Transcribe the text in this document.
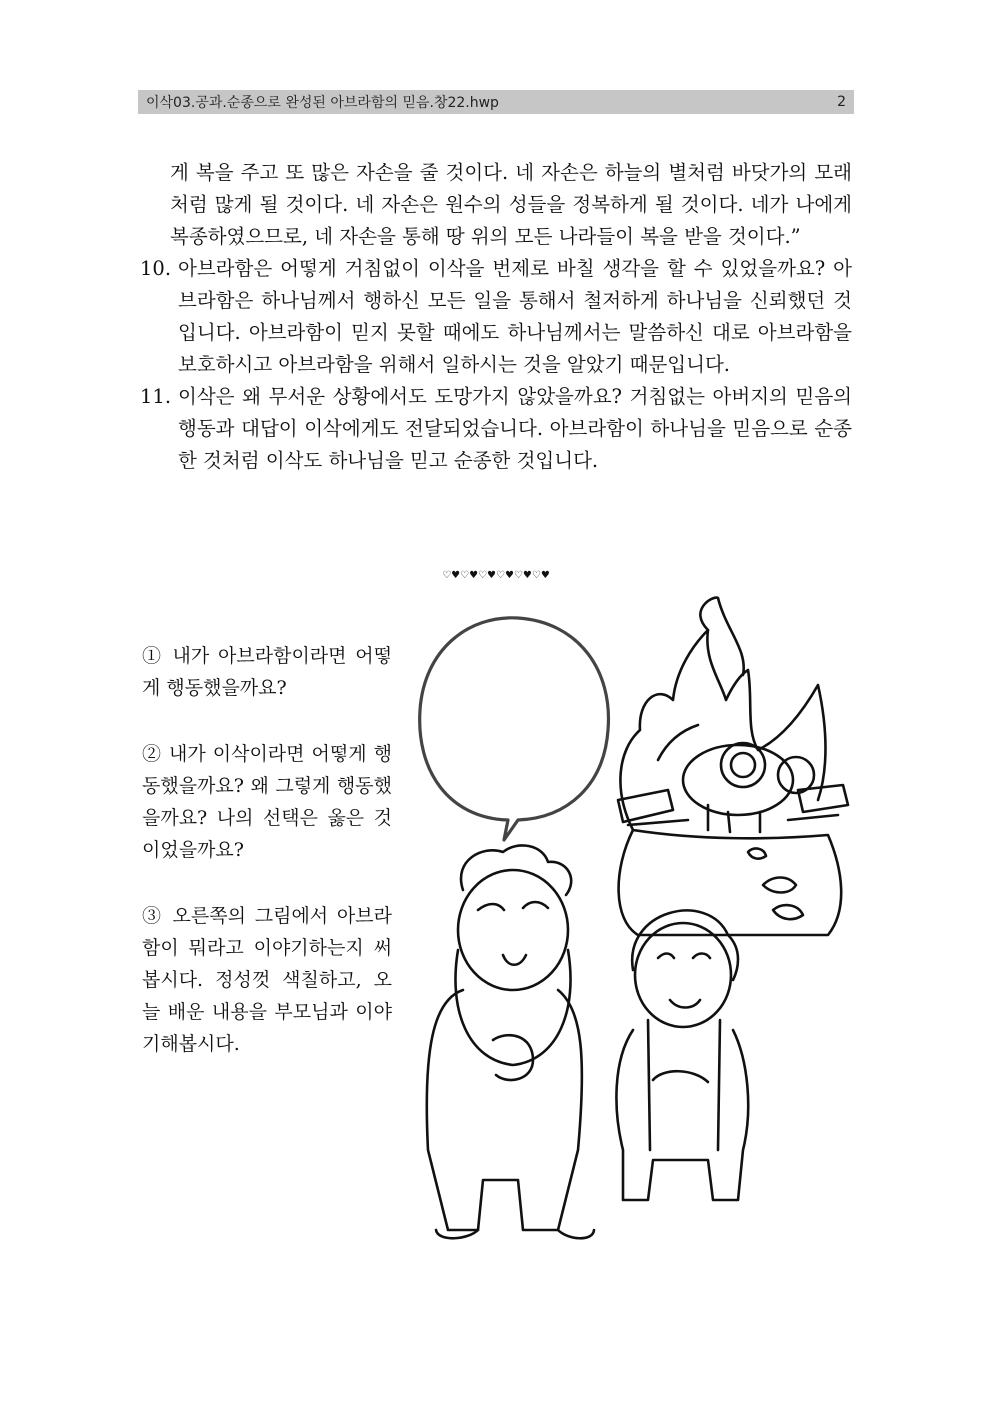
이삭03.공과.순종으로 완성된 아브라함의 믿음.창22.hwp	2
게 복을 주고 또 많은 자손을 줄 것이다. 네 자손은 하늘의 별처럼 바닷가의 모래처럼 많게 될 것이다. 네 자손은 원수의 성들을 정복하게 될 것이다. 네가 나에게 복종하였으므로, 네 자손을 통해 땅 위의 모든 나라들이 복을 받을 것이다.”
10. 아브라함은 어떻게 거침없이 이삭을 번제로 바칠 생각을 할 수 있었을까요? 아브라함은 하나님께서 행하신 모든 일을 통해서 철저하게 하나님을 신뢰했던 것입니다. 아브라함이 믿지 못할 때에도 하나님께서는 말씀하신 대로 아브라함을 보호하시고 아브라함을 위해서 일하시는 것을 알았기 때문입니다.
11. 이삭은 왜 무서운 상황에서도 도망가지 않았을까요? 거침없는 아버지의 믿음의 행동과 대답이 이삭에게도 전달되었습니다. 아브라함이 하나님을 믿음으로 순종한 것처럼 이삭도 하나님을 믿고 순종한 것입니다.
♡♥♡♥♡♥♡♥♡♥♡♥

① 내가 아브라함이라면 어떻게 행동했을까요?

② 내가 이삭이라면 어떻게 행동했을까요? 왜 그렇게 행동했을까요? 나의 선택은 옳은 것이었을까요?

③ 오른쪽의 그림에서 아브라함이 뭐라고 이야기하는지 써봅시다. 정성껏 색칠하고, 오늘 배운 내용을 부모님과 이야기해봅시다.
